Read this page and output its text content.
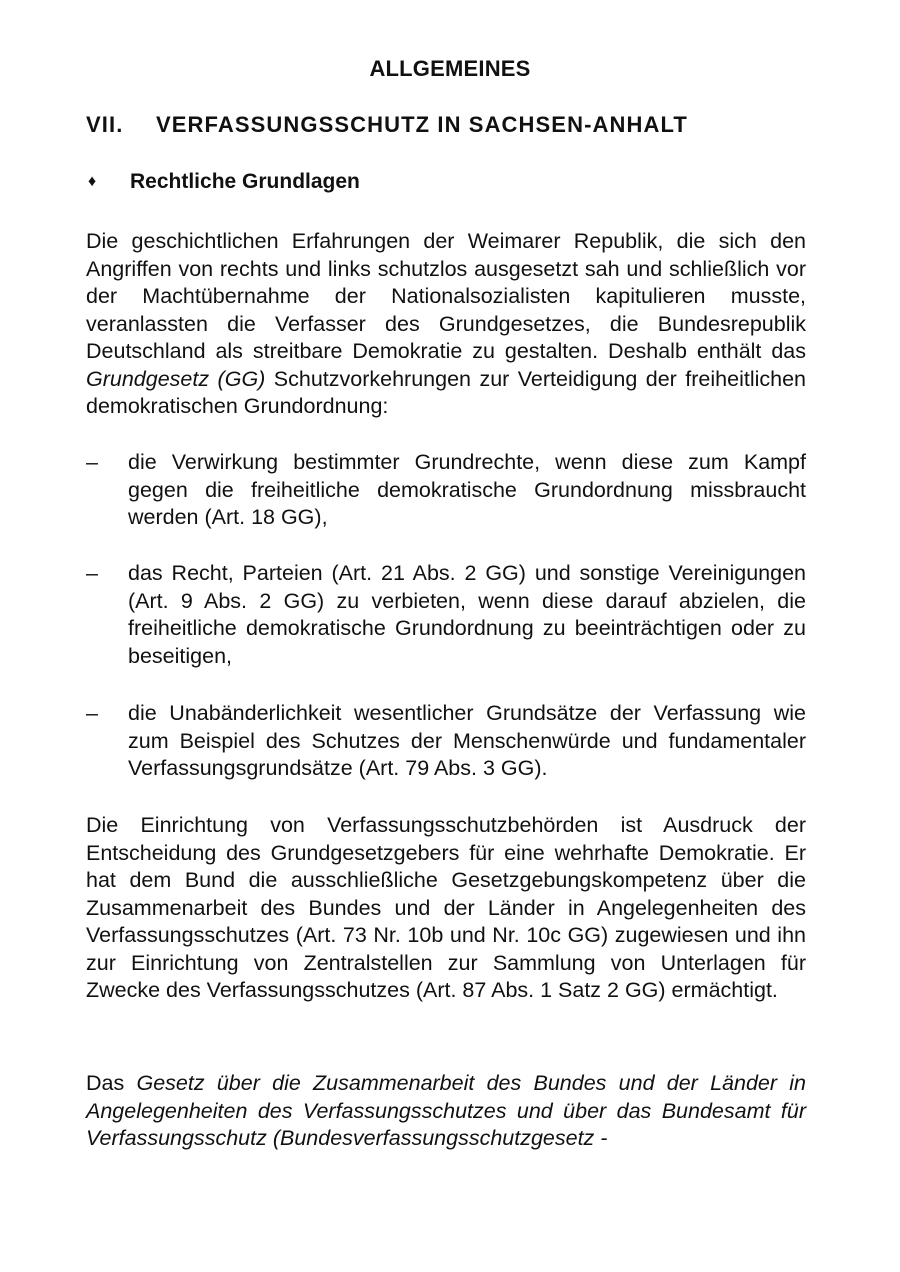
ALLGEMEINES
VII. VERFASSUNGSSCHUTZ IN SACHSEN-ANHALT
♦ Rechtliche Grundlagen

Die geschichtlichen Erfahrungen der Weimarer Republik, die sich den Angriffen von rechts und links schutzlos ausgesetzt sah und schließlich vor der Machtübernahme der Nationalsozialisten kapitulieren musste, veranlassten die Verfasser des Grundgesetzes, die Bundesrepublik Deutschland als streitbare Demokratie zu gestalten. Deshalb enthält das Grundgesetz (GG) Schutzvorkehrungen zur Verteidigung der freiheitlichen demokratischen Grundordnung:

– die Verwirkung bestimmter Grundrechte, wenn diese zum Kampf gegen die freiheitliche demokratische Grundordnung missbraucht werden (Art. 18 GG),
– das Recht, Parteien (Art. 21 Abs. 2 GG) und sonstige Vereinigungen (Art. 9 Abs. 2 GG) zu verbieten, wenn diese darauf abzielen, die freiheitliche demokratische Grundordnung zu beeinträchtigen oder zu beseitigen,
– die Unabänderlichkeit wesentlicher Grundsätze der Verfassung wie zum Beispiel des Schutzes der Menschenwürde und fundamentaler Verfassungsgrundsätze (Art. 79 Abs. 3 GG).

Die Einrichtung von Verfassungsschutzbehörden ist Ausdruck der Entscheidung des Grundgesetzgebers für eine wehrhafte Demokratie. Er hat dem Bund die ausschließliche Gesetzgebungskompetenz über die Zusammenarbeit des Bundes und der Länder in Angelegenheiten des Verfassungsschutzes (Art. 73 Nr. 10b und Nr. 10c GG) zugewiesen und ihn zur Einrichtung von Zentralstellen zur Sammlung von Unterlagen für Zwecke des Verfassungsschutzes (Art. 87 Abs. 1 Satz 2 GG) ermächtigt.

Das Gesetz über die Zusammenarbeit des Bundes und der Länder in Angelegenheiten des Verfassungsschutzes und über das Bundesamt für Verfassungsschutz (Bundesverfassungsschutzgesetz -
